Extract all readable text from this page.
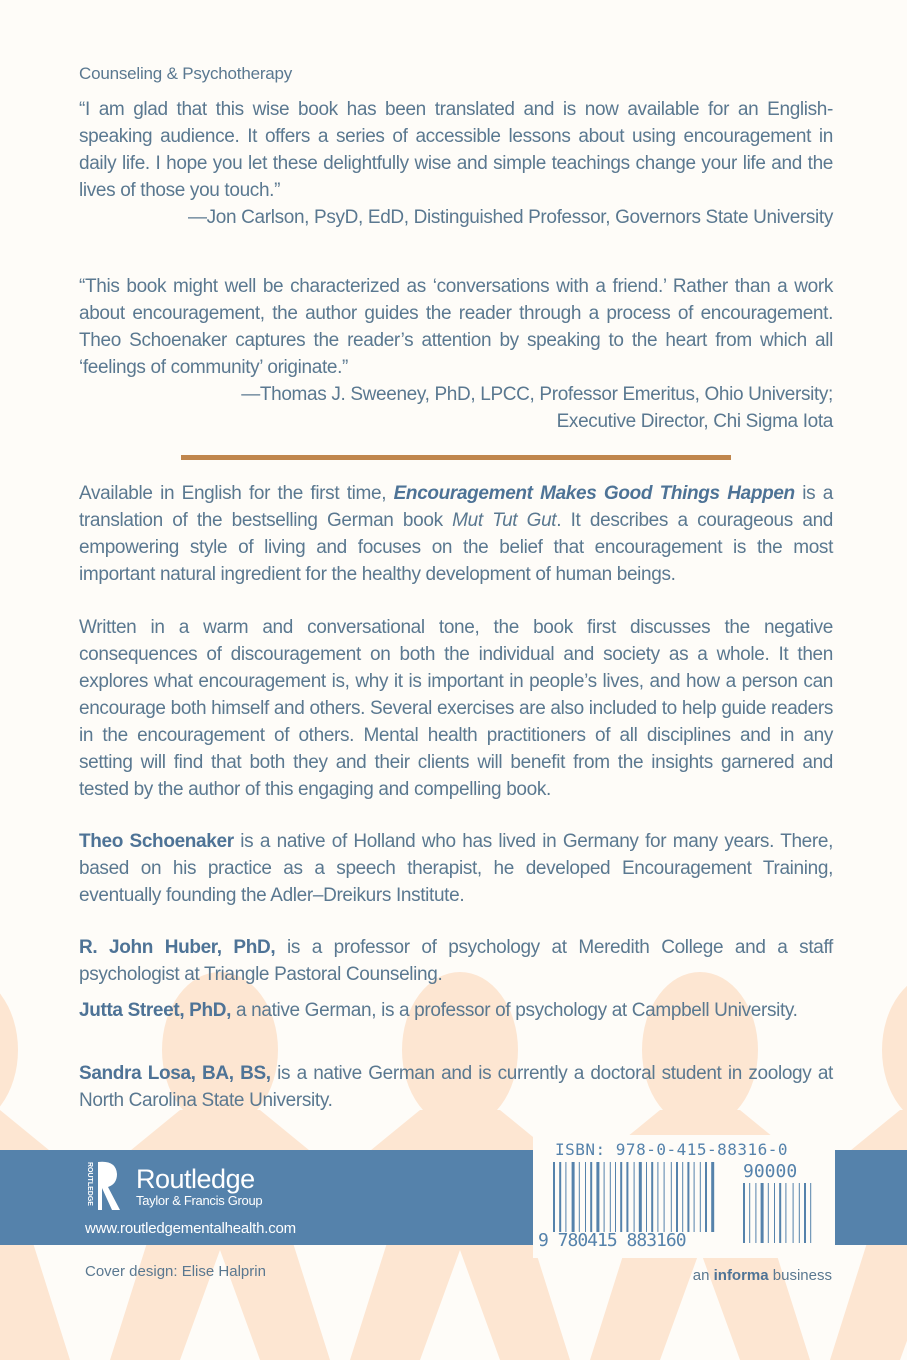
Counseling & Psychotherapy
“I am glad that this wise book has been translated and is now available for an English-speaking audience. It offers a series of accessible lessons about using encouragement in daily life. I hope you let these delightfully wise and simple teachings change your life and the lives of those you touch.”
—Jon Carlson, PsyD, EdD, Distinguished Professor, Governors State University
“This book might well be characterized as ‘conversations with a friend.’ Rather than a work about encouragement, the author guides the reader through a process of encouragement. Theo Schoenaker captures the reader’s attention by speaking to the heart from which all ‘feelings of community’ originate.”
—Thomas J. Sweeney, PhD, LPCC, Professor Emeritus, Ohio University;
Executive Director, Chi Sigma Iota
Available in English for the first time, Encouragement Makes Good Things Happen is a translation of the bestselling German book Mut Tut Gut. It describes a courageous and empowering style of living and focuses on the belief that encouragement is the most important natural ingredient for the healthy development of human beings.
Written in a warm and conversational tone, the book first discusses the negative consequences of discouragement on both the individual and society as a whole. It then explores what encouragement is, why it is important in people’s lives, and how a person can encourage both himself and others. Several exercises are also included to help guide readers in the encouragement of others. Mental health practitioners of all disciplines and in any setting will find that both they and their clients will benefit from the insights garnered and tested by the author of this engaging and compelling book.
Theo Schoenaker is a native of Holland who has lived in Germany for many years. There, based on his practice as a speech therapist, he developed Encouragement Training, eventually founding the Adler–Dreikurs Institute.
R. John Huber, PhD, is a professor of psychology at Meredith College and a staff psychologist at Triangle Pastoral Counseling.
Jutta Street, PhD, a native German, is a professor of psychology at Campbell University.
Sandra Losa, BA, BS, is a native German and is currently a doctoral student in zoology at North Carolina State University.
ROUTLEDGE Routledge
Taylor & Francis Group
www.routledgementalhealth.com
ISBN: 978-0-415-88316-0
90000
9 780415 883160
Cover design: Elise Halprin	an informa business
